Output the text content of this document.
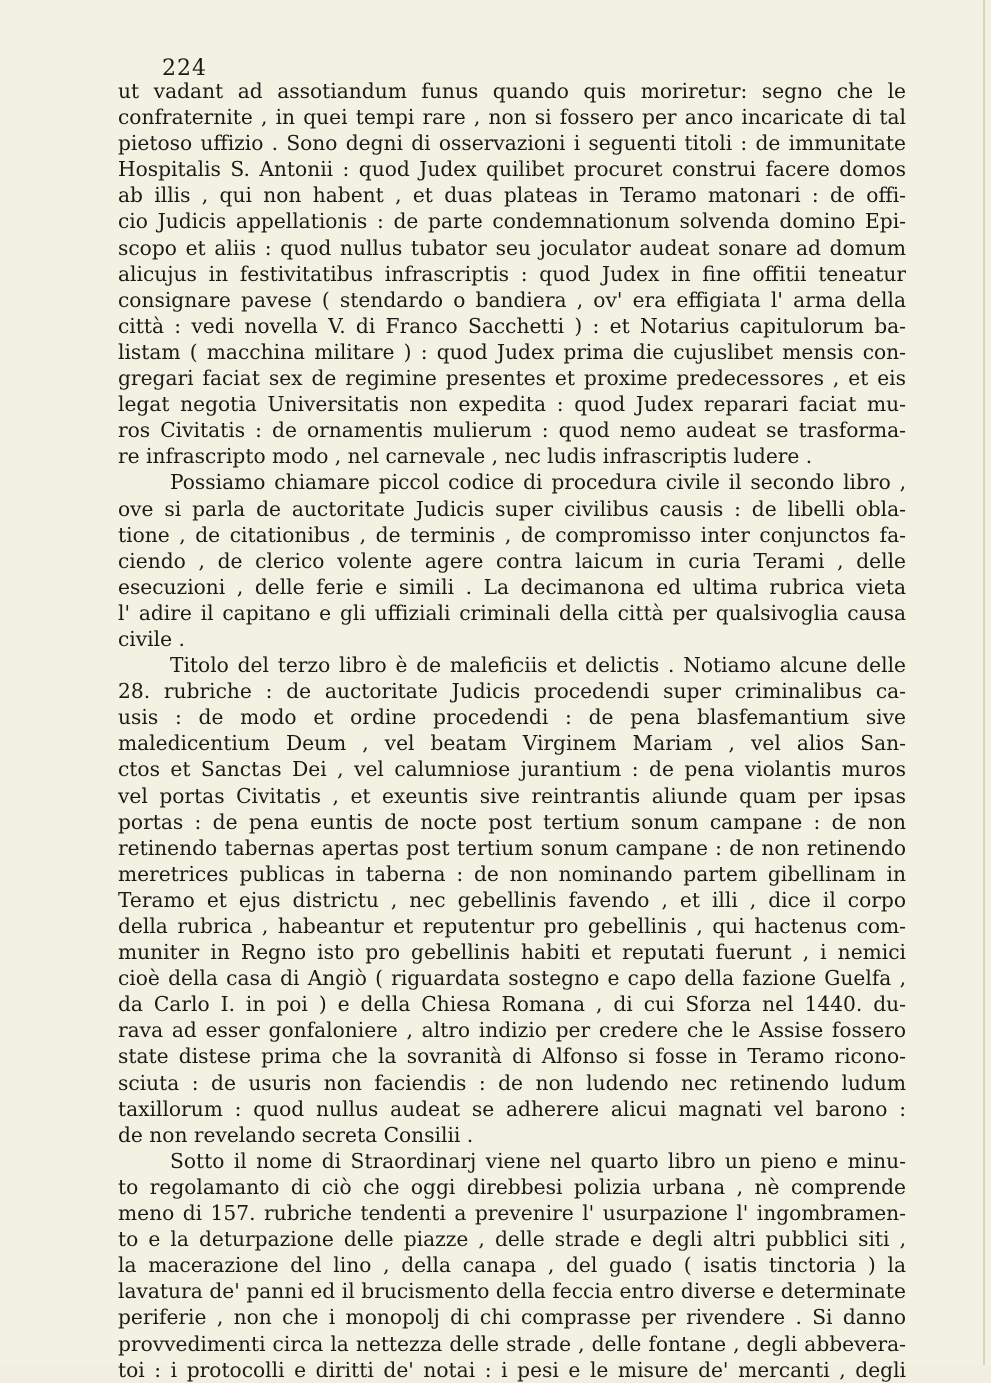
224
ut vadant ad assotiandum funus quando quis moriretur: segno che le
confraternite , in quei tempi rare , non si fossero per anco incaricate di tal
pietoso uffizio . Sono degni di osservazioni i seguenti titoli : de immunitate
Hospitalis S. Antonii : quod Judex quilibet procuret construi facere domos
ab illis , qui non habent , et duas plateas in Teramo matonari : de offi-
cio Judicis appellationis : de parte condemnationum solvenda domino Epi-
scopo et aliis : quod nullus tubator seu joculator audeat sonare ad domum
alicujus in festivitatibus infrascriptis : quod Judex in fine offitii teneatur
consignare pavese ( stendardo o bandiera , ov' era effigiata l' arma della
città : vedi novella V. di Franco Sacchetti ) : et Notarius capitulorum ba-
listam ( macchina militare ) : quod Judex prima die cujuslibet mensis con-
gregari faciat sex de regimine presentes et proxime predecessores , et eis
legat negotia Universitatis non expedita : quod Judex reparari faciat mu-
ros Civitatis : de ornamentis mulierum : quod nemo audeat se trasforma-
re infrascripto modo , nel carnevale , nec ludis infrascriptis ludere .
Possiamo chiamare piccol codice di procedura civile il secondo libro ,
ove si parla de auctoritate Judicis super civilibus causis : de libelli obla-
tione , de citationibus , de terminis , de compromisso inter conjunctos fa-
ciendo , de clerico volente agere contra laicum in curia Terami , delle
esecuzioni , delle ferie e simili . La decimanona ed ultima rubrica vieta
l' adire il capitano e gli uffiziali criminali della città per qualsivoglia causa
civile .
Titolo del terzo libro è de maleficiis et delictis . Notiamo alcune delle
28. rubriche : de auctoritate Judicis procedendi super criminalibus ca-
usis : de modo et ordine procedendi : de pena blasfemantium sive
maledicentium Deum , vel beatam Virginem Mariam , vel alios San-
ctos et Sanctas Dei , vel calumniose jurantium : de pena violantis muros
vel portas Civitatis , et exeuntis sive reintrantis aliunde quam per ipsas
portas : de pena euntis de nocte post tertium sonum campane : de non
retinendo tabernas apertas post tertium sonum campane : de non retinendo
meretrices publicas in taberna : de non nominando partem gibellinam in
Teramo et ejus districtu , nec gebellinis favendo , et illi , dice il corpo
della rubrica , habeantur et reputentur pro gebellinis , qui hactenus com-
muniter in Regno isto pro gebellinis habiti et reputati fuerunt , i nemici
cioè della casa di Angiò ( riguardata sostegno e capo della fazione Guelfa ,
da Carlo I. in poi ) e della Chiesa Romana , di cui Sforza nel 1440. du-
rava ad esser gonfaloniere , altro indizio per credere che le Assise fossero
state distese prima che la sovranità di Alfonso si fosse in Teramo ricono-
sciuta : de usuris non faciendis : de non ludendo nec retinendo ludum
taxillorum : quod nullus audeat se adherere alicui magnati vel barono :
de non revelando secreta Consilii .
Sotto il nome di Straordinarj viene nel quarto libro un pieno e minu-
to regolamanto di ciò che oggi direbbesi polizia urbana , nè comprende
meno di 157. rubriche tendenti a prevenire l' usurpazione l' ingombramen-
to e la deturpazione delle piazze , delle strade e degli altri pubblici siti ,
la macerazione del lino , della canapa , del guado ( isatis tinctoria ) la
lavatura de' panni ed il brucismento della feccia entro diverse e determinate
periferie , non che i monopolj di chi comprasse per rivendere . Si danno
provvedimenti circa la nettezza delle strade , delle fontane , degli abbevera-
toi : i protocolli e diritti de' notai : i pesi e le misure de' mercanti , degli
